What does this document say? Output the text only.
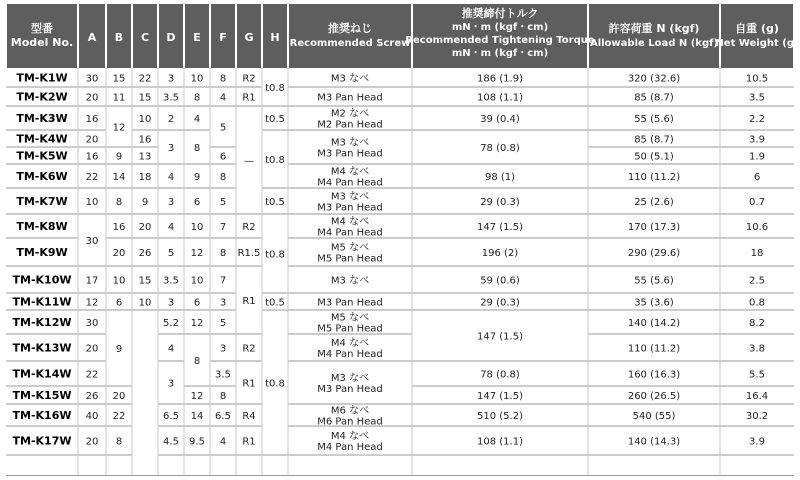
型番
Model No. A B C D E F G H
推奨ねじ
Recommended Screw
推奨締付トルク
mN・m (kgf・cm)
Recommended Tightening Torque
mN・m (kgf・cm)
許容荷重 N (kgf)
Allowable Load N (kgf)
自重 (g)
Net Weight (g)
TM-K1W
TM-K2W
TM-K3W
TM-K4W
TM-K5W
TM-K6W
TM-K7W
TM-K8W
TM-K9W
TM-K10W
TM-K11W
TM-K12W
TM-K13W
TM-K14W
TM-K15W
TM-K16W
TM-K17W
30
20
16
20
16
22
10
30
17
12
30
20
22
26
40
20
15
11
12
9
14
8
16
20
10
6
9
20
22
8
22
15
10
16
13
18
9
20
26
15
10
3
3.5
2
3
4
3
4
5
3.5
3
5.2
4
3
6.5
4.5
10
8
4
8
9
6
10
12
10
6
12
8
12
14
9.5
8
4
5
6
8
5
7
8
7
3
5
3
3.5
8
6.5
4
R2
R1
—
R2
R1.5
R1
R2
R1
R4
R1
t0.8
t0.5
t0.8
t0.5
t0.8
t0.5
t0.8
M3 なべ
M3 Pan Head
M2 なべ
M2 Pan Head
M3 なべ
M3 Pan Head
M4 なべ
M4 Pan Head
M3 なべ
M3 Pan Head
M4 なべ
M4 Pan Head
M5 なべ
M5 Pan Head
M3 なべ
M3 Pan Head
M5 なべ
M5 Pan Head
M4 なべ
M4 Pan Head
M3 なべ
M3 Pan Head
M6 なべ
M6 Pan Head
M4 なべ
M4 Pan Head
186 (1.9)
108 (1.1)
39 (0.4)
78 (0.8)
98 (1)
29 (0.3)
147 (1.5)
196 (2)
59 (0.6)
29 (0.3)
147 (1.5)
78 (0.8)
147 (1.5)
510 (5.2)
108 (1.1)
320 (32.6)
85 (8.7)
55 (5.6)
85 (8.7)
50 (5.1)
110 (11.2)
25 (2.6)
170 (17.3)
290 (29.6)
55 (5.6)
35 (3.6)
140 (14.2)
110 (11.2)
160 (16.3)
260 (26.5)
540 (55)
140 (14.3)
10.5
3.5
2.2
3.9
1.9
6
0.7
10.6
18
2.5
0.8
8.2
3.8
5.5
16.4
30.2
3.9
